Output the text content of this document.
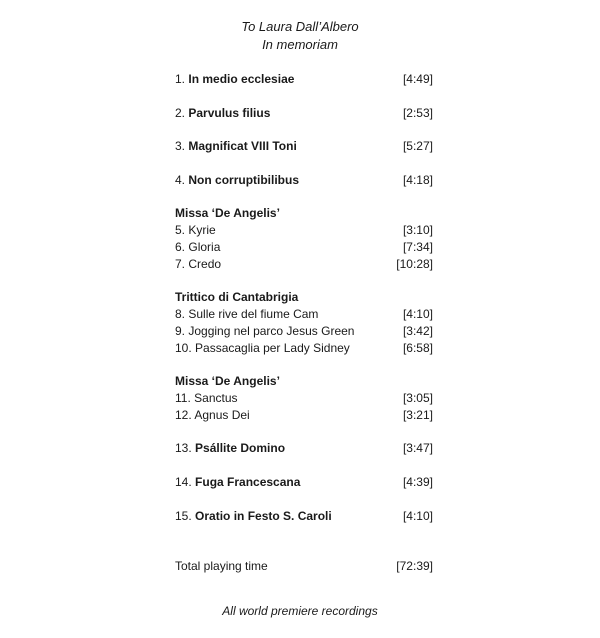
To Laura Dall’Albero
In memoriam
1. In medio ecclesiae	[4:49]
2. Parvulus filius	[2:53]
3. Magnificat VIII Toni	[5:27]
4. Non corruptibilibus	[4:18]
Missa ‘De Angelis’
5. Kyrie	[3:10]
6. Gloria	[7:34]
7. Credo	[10:28]
Trittico di Cantabrigia
8. Sulle rive del fiume Cam	[4:10]
9. Jogging nel parco Jesus Green	[3:42]
10. Passacaglia per Lady Sidney	[6:58]
Missa ‘De Angelis’
11. Sanctus	[3:05]
12. Agnus Dei	[3:21]
13. Psállite Domino	[3:47]
14. Fuga Francescana	[4:39]
15. Oratio in Festo S. Caroli	[4:10]
Total playing time	[72:39]
All world premiere recordings
